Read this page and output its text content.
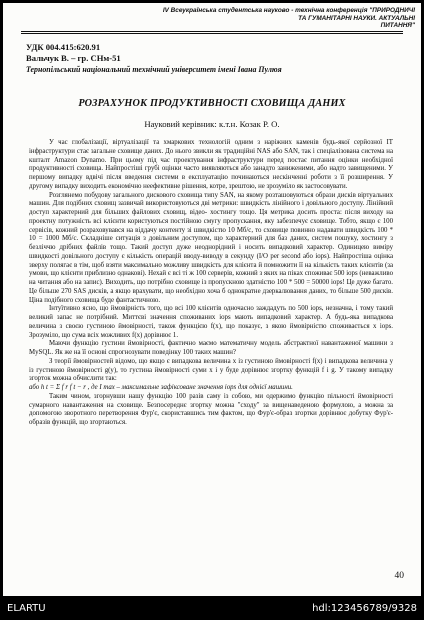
IV Всеукраїнська студентська науково - технічна конференція "ПРИРОДНИЧІ ТА ГУМАНІТАРНІ НАУКИ. АКТУАЛЬНІ
ПИТАННЯ"
УДК 004.415:620.91
Вальчук В. – гр. СНм-51
Тернопільський національний технічний університет імені Івана Пулюя
РОЗРАХУНОК ПРОДУКТИВНОСТІ СХОВИЩА ДАНИХ
Науковий керівник: к.т.н. Козак Р. О.

У час глобалізації, віртуалізації та хмаркових технологій одним з наріжних каменів будь-якої серйозної ІТ інфраструктури стає загальне сховище даних. До нього звикли як традиційні NAS або SAN, так і спеціалізована система на кшталт Amazon Dynamo. При цьому під час проектування інфраструктури перед постає питання оцінки необхідної продуктивності сховища. Найпростіші грубі оцінки часто виявляються або занадто заниженими, або надто завищеними. У першому випадку вдвічі після введення системи в експлуатацію починаються нескінченні роботи з її розширення. У другому випадку виходить економічно неефективне рішення, котре, зрештою, не зрозуміло як застосовувати.

Розглянемо побудову загального дискового сховища типу SAN, на якому розташовуються образи дисків віртуальних машин. Для подібних сховищ зазвичай використовуються дві метрики: швидкість лінійного і довільного доступу. Лінійний доступ характерний для більших файлових сховищ, відео- хостингу тощо. Ця метрика досить проста: після виходу на проектну потужність всі клієнти користуються постійною смугу пропускання, яку забезпечує сховище. Тобто, якщо є 100 сервісів, кожний розраховувався на віддачу контенту зі швидкістю 10 Мб/с, то сховище повинно надавати швидкість 100 * 10 = 1000 Мб/с. Складніше ситуація з довільним доступом, що характерний для баз даних, систем пошуку, хостингу з безліччю дрібних файлів тощо. Такий доступ дуже неоднорідний і носить випадковий характер. Одиницею виміру швидкості довільного доступу є кількість операцій вводу-виводу в секунду (I/O per second або iops). Найпростіша оцінка зверху полягає в тім, щоб взяти максимально можливу швидкість для клієнта й помножити її на кількість таких клієнтів (за умови, що клієнти приблизно однакові). Нехай є всі ті ж 100 серверів, кожний з яких на піках споживає 500 iops (неважливо на читання або на запис). Виходить, що потрібно сховище із пропускною здатністю 100 * 500 = 50000 iops! Це дуже багато. Це більше 270 SAS дисків, а якщо врахувати, що необхідно хоча б однократне дзеркалювання даних, то більше 500 дисків. Ціна подібного сховища буде фантастичною.

Інтуїтивно ясно, що ймовірність того, що всі 100 клієнтів одночасно заждадуть по 500 iops, незначна, і тому такий великий запас не потрібний. Миттєві значення споживаних iops мають випадковий характер. А будь-яка випадкова величина з своєю густиною ймовірності, також функцією f(x), що показує, з якою ймовірністю споживається x iops. Зрозуміло, що сума всіх можливих f(x) дорівнює 1.

Маючи функцію густини ймовірності, фактично маємо математичну модель абстрактної навантаженої машини з MySQL. Як же на її основі спрогнозувати поведінку 100 таких машин?

З теорії ймовірностей відомо, що якщо є випадкова величина x із густиною ймовірності f(x) і випадкова величина y із густиною ймовірності g(y), то густина ймовірності суми x і y буде дорівнює згортку функцій f і g. У такому випадку згорток можна обчислити так:

або h t = Σ f r f t − r , де I max – максимальне зафіксоване значення iops для однієї машини.

Таким чином, згорнувши нашу функцію 100 разів саму із собою, ми одержимо функцію пільності ймовірності сумарного навантаження на сховище. Безпосереднє згортку можна "сходу" за вищенаведеною формулою, а можна за допомогою зворотного перетворення Фур'є, скориставшись тим фактом, що Фур'є-образ згортки дорівнює добутку Фур'є-образів функцій, що згортаються.

40
ELARTU	hdl:123456789/9328
